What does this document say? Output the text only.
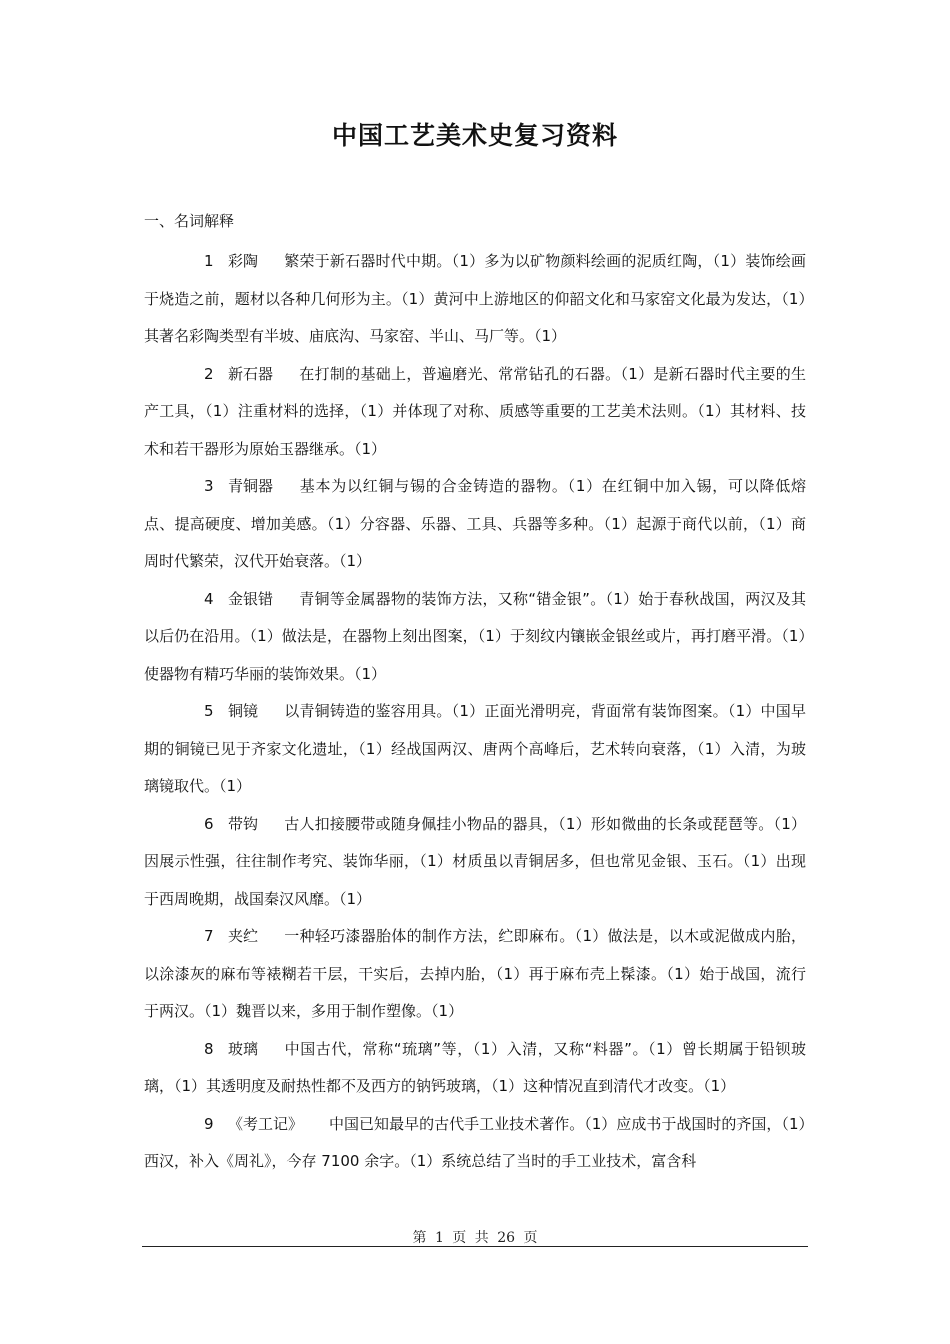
中国工艺美术史复习资料
一、名词解释

1 彩陶 繁荣于新石器时代中期。（1）多为以矿物颜料绘画的泥质红陶，（1）装饰绘画于烧造之前，题材以各种几何形为主。（1）黄河中上游地区的仰韶文化和马家窑文化最为发达，（1）其著名彩陶类型有半坡、庙底沟、马家窑、半山、马厂等。（1）

2 新石器 在打制的基础上，普遍磨光、常常钻孔的石器。（1）是新石器时代主要的生产工具，（1）注重材料的选择，（1）并体现了对称、质感等重要的工艺美术法则。（1）其材料、技术和若干器形为原始玉器继承。（1）

3 青铜器 基本为以红铜与锡的合金铸造的器物。（1）在红铜中加入锡，可以降低熔点、提高硬度、增加美感。（1）分容器、乐器、工具、兵器等多种。（1）起源于商代以前，（1）商周时代繁荣，汉代开始衰落。（1）

4 金银错 青铜等金属器物的装饰方法，又称“错金银”。（1）始于春秋战国，两汉及其以后仍在沿用。（1）做法是，在器物上刻出图案，（1）于刻纹内镶嵌金银丝或片，再打磨平滑。（1）使器物有精巧华丽的装饰效果。（1）

5 铜镜 以青铜铸造的鉴容用具。（1）正面光滑明亮，背面常有装饰图案。（1）中国早期的铜镜已见于齐家文化遗址，（1）经战国两汉、唐两个高峰后，艺术转向衰落，（1）入清，为玻璃镜取代。（1）

6 带钩 古人扣接腰带或随身佩挂小物品的器具，（1）形如微曲的长条或琵琶等。（1）因展示性强，往往制作考究、装饰华丽，（1）材质虽以青铜居多，但也常见金银、玉石。（1）出现于西周晚期，战国秦汉风靡。（1）

7 夹纻 一种轻巧漆器胎体的制作方法，纻即麻布。（1）做法是，以木或泥做成内胎，以涂漆灰的麻布等裱糊若干层，干实后，去掉内胎，（1）再于麻布壳上髹漆。（1）始于战国，流行于两汉。（1）魏晋以来，多用于制作塑像。（1）

8 玻璃 中国古代，常称“琉璃”等，（1）入清，又称“料器”。（1）曾长期属于铅钡玻璃，（1）其透明度及耐热性都不及西方的钠钙玻璃，（1）这种情况直到清代才改变。（1）

9 《考工记》 中国已知最早的古代手工业技术著作。（1）应成书于战国时的齐国，（1）西汉，补入《周礼》，今存 7100 余字。（1）系统总结了当时的手工业技术，富含科

第 1 页 共 26 页
